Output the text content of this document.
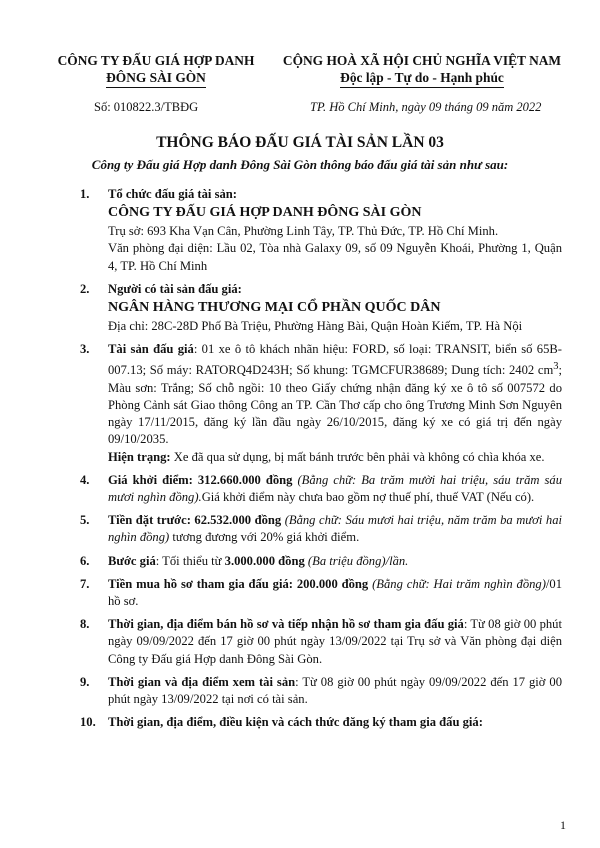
CÔNG TY ĐẤU GIÁ HỢP DANH
ĐÔNG SÀI GÒN
CỘNG HOÀ XÃ HỘI CHỦ NGHĨA VIỆT NAM
Độc lập - Tự do - Hạnh phúc
Số: 010822.3/TBĐG	TP. Hồ Chí Minh, ngày 09 tháng 09 năm 2022
THÔNG BÁO ĐẤU GIÁ TÀI SẢN LẦN 03
Công ty Đấu giá Hợp danh Đông Sài Gòn thông báo đấu giá tài sản như sau:
1. Tổ chức đấu giá tài sản:
CÔNG TY ĐẤU GIÁ HỢP DANH ĐÔNG SÀI GÒN
Trụ sở: 693 Kha Vạn Cân, Phường Linh Tây, TP. Thủ Đức, TP. Hồ Chí Minh.
Văn phòng đại diện: Lầu 02, Tòa nhà Galaxy 09, số 09 Nguyễn Khoái, Phường 1, Quận 4, TP. Hồ Chí Minh
2. Người có tài sản đấu giá:
NGÂN HÀNG THƯƠNG MẠI CỔ PHẦN QUỐC DÂN
Địa chỉ: 28C-28D Phố Bà Triệu, Phường Hàng Bài, Quận Hoàn Kiếm, TP. Hà Nội
3. Tài sản đấu giá: 01 xe ô tô khách nhãn hiệu: FORD, số loại: TRANSIT, biển số 65B-007.13; Số máy: RATORQ4D243H; Số khung: TGMCFUR38689; Dung tích: 2402 $cm^3$; Màu sơn: Trắng; Số chỗ ngồi: 10 theo Giấy chứng nhận đăng ký xe ô tô số 007572 do Phòng Cảnh sát Giao thông Công an TP. Cần Thơ cấp cho ông Trương Minh Sơn Nguyên ngày 17/11/2015, đăng ký lần đầu ngày 26/10/2015, đăng ký xe có giá trị đến ngày 09/10/2035.
Hiện trạng: Xe đã qua sử dụng, bị mất bánh trước bên phải và không có chìa khóa xe.
4. Giá khởi điểm: 312.660.000 đồng (Bằng chữ: Ba trăm mười hai triệu, sáu trăm sáu mươi nghìn đồng).Giá khởi điểm này chưa bao gồm nợ thuế phí, thuế VAT (Nếu có).
5. Tiền đặt trước: 62.532.000 đồng (Bằng chữ: Sáu mươi hai triệu, năm trăm ba mươi hai nghìn đồng) tương đương với 20% giá khởi điểm.
6. Bước giá: Tối thiểu từ 3.000.000 đồng (Ba triệu đồng)/lần.
7. Tiền mua hồ sơ tham gia đấu giá: 200.000 đồng (Bằng chữ: Hai trăm nghìn đồng)/01 hồ sơ.
8. Thời gian, địa điểm bán hồ sơ và tiếp nhận hồ sơ tham gia đấu giá: Từ 08 giờ 00 phút ngày 09/09/2022 đến 17 giờ 00 phút ngày 13/09/2022 tại Trụ sở và Văn phòng đại diện Công ty Đấu giá Hợp danh Đông Sài Gòn.
9. Thời gian và địa điểm xem tài sản: Từ 08 giờ 00 phút ngày 09/09/2022 đến 17 giờ 00 phút ngày 13/09/2022 tại nơi có tài sản.
10. Thời gian, địa điểm, điều kiện và cách thức đăng ký tham gia đấu giá:
1
